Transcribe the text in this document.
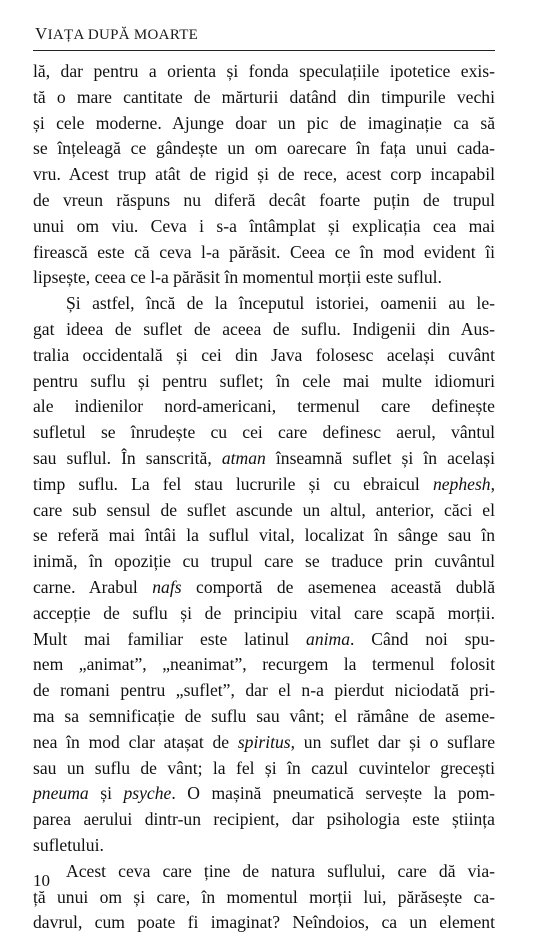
VIAȚA DUPĂ MOARTE
lă, dar pentru a orienta și fonda speculațiile ipotetice exis-
tă o mare cantitate de mărturii datând din timpurile vechi
și cele moderne. Ajunge doar un pic de imaginație ca să
se înțeleagă ce gândește un om oarecare în fața unui cada-
vru. Acest trup atât de rigid și de rece, acest corp incapabil
de vreun răspuns nu diferă decât foarte puțin de trupul
unui om viu. Ceva i s-a întâmplat și explicația cea mai
firească este că ceva l-a părăsit. Ceea ce în mod evident îi
lipsește, ceea ce l-a părăsit în momentul morții este suflul.
Și astfel, încă de la începutul istoriei, oamenii au le-
gat ideea de suflet de aceea de suflu. Indigenii din Aus-
tralia occidentală și cei din Java folosesc același cuvânt
pentru suflu și pentru suflet; în cele mai multe idiomuri
ale indienilor nord-americani, termenul care definește
sufletul se înrudește cu cei care definesc aerul, vântul
sau suflul. În sanscrită, atman înseamnă suflet și în același
timp suflu. La fel stau lucrurile și cu ebraicul nephesh,
care sub sensul de suflet ascunde un altul, anterior, căci el
se referă mai întâi la suflul vital, localizat în sânge sau în
inimă, în opoziție cu trupul care se traduce prin cuvântul
carne. Arabul nafs comportă de asemenea această dublă
accepție de suflu și de principiu vital care scapă morții.
Mult mai familiar este latinul anima. Când noi spu-
nem „animat”, „neanimat”, recurgem la termenul folosit
de romani pentru „suflet”, dar el n-a pierdut niciodată pri-
ma sa semnificație de suflu sau vânt; el rămâne de aseme-
nea în mod clar atașat de spiritus, un suflet dar și o suflare
sau un suflu de vânt; la fel și în cazul cuvintelor grecești
pneuma și psyche. O mașină pneumatică servește la pom-
parea aerului dintr-un recipient, dar psihologia este știința
sufletului.
Acest ceva care ține de natura suflului, care dă via-
ță unui om și care, în momentul morții lui, părăsește ca-
davrul, cum poate fi imaginat? Neîndoios, ca un element
10
